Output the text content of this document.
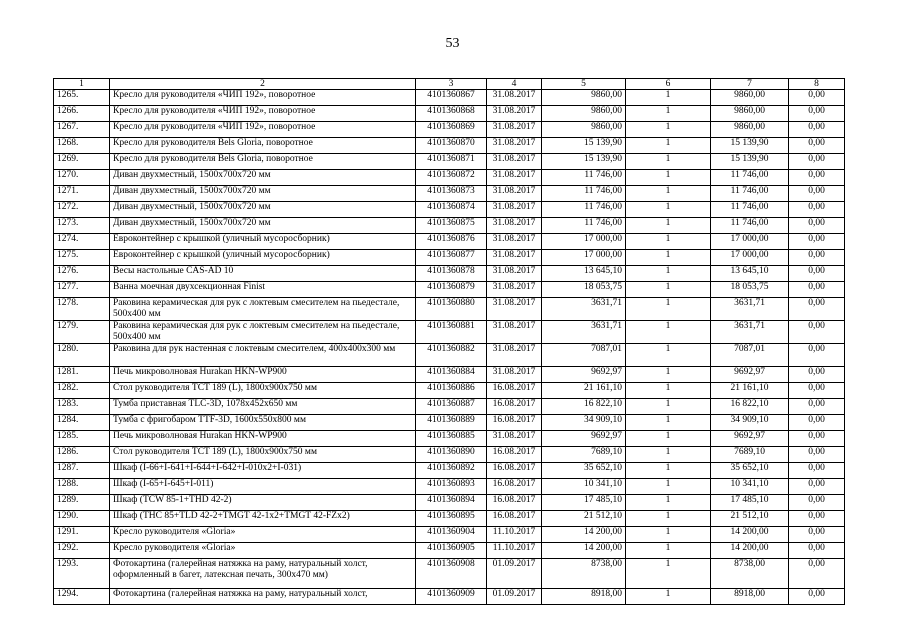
53
1	2	3	4	5	6	7	8
1265.	Кресло для руководителя «ЧИП 192», поворотное	4101360867	31.08.2017	9860,00	1	9860,00	0,00
1266.	Кресло для руководителя «ЧИП 192», поворотное	4101360868	31.08.2017	9860,00	1	9860,00	0,00
1267.	Кресло для руководителя «ЧИП 192», поворотное	4101360869	31.08.2017	9860,00	1	9860,00	0,00
1268.	Кресло для руководителя Bels Gloria, поворотное	4101360870	31.08.2017	15 139,90	1	15 139,90	0,00
1269.	Кресло для руководителя Bels Gloria, поворотное	4101360871	31.08.2017	15 139,90	1	15 139,90	0,00
1270.	Диван двухместный, 1500x700x720 мм	4101360872	31.08.2017	11 746,00	1	11 746,00	0,00
1271.	Диван двухместный, 1500x700x720 мм	4101360873	31.08.2017	11 746,00	1	11 746,00	0,00
1272.	Диван двухместный, 1500x700x720 мм	4101360874	31.08.2017	11 746,00	1	11 746,00	0,00
1273.	Диван двухместный, 1500x700x720 мм	4101360875	31.08.2017	11 746,00	1	11 746,00	0,00
1274.	Евроконтейнер с крышкой (уличный мусоросборник)	4101360876	31.08.2017	17 000,00	1	17 000,00	0,00
1275.	Евроконтейнер с крышкой (уличный мусоросборник)	4101360877	31.08.2017	17 000,00	1	17 000,00	0,00
1276.	Весы настольные CAS-AD 10	4101360878	31.08.2017	13 645,10	1	13 645,10	0,00
1277.	Ванна моечная двухсекционная Finist	4101360879	31.08.2017	18 053,75	1	18 053,75	0,00
1278.	Раковина керамическая для рук с локтевым смесителем на пьедестале, 500x400 мм	4101360880	31.08.2017	3631,71	1	3631,71	0,00
1279.	Раковина керамическая для рук с локтевым смесителем на пьедестале, 500x400 мм	4101360881	31.08.2017	3631,71	1	3631,71	0,00
1280.	Раковина для рук настенная с локтевым смесителем, 400x400x300 мм	4101360882	31.08.2017	7087,01	1	7087,01	0,00
1281.	Печь микроволновая Hurakan HKN-WP900	4101360884	31.08.2017	9692,97	1	9692,97	0,00
1282.	Стол руководителя TCT 189 (L), 1800x900x750 мм	4101360886	16.08.2017	21 161,10	1	21 161,10	0,00
1283.	Тумба приставная TLC-3D, 1078x452x650 мм	4101360887	16.08.2017	16 822,10	1	16 822,10	0,00
1284.	Тумба с фригобаром TTF-3D, 1600x550x800 мм	4101360889	16.08.2017	34 909,10	1	34 909,10	0,00
1285.	Печь микроволновая Hurakan HKN-WP900	4101360885	31.08.2017	9692,97	1	9692,97	0,00
1286.	Стол руководителя TCT 189 (L), 1800x900x750 мм	4101360890	16.08.2017	7689,10	1	7689,10	0,00
1287.	Шкаф (I-66+I-641+I-644+I-642+I-010x2+I-031)	4101360892	16.08.2017	35 652,10	1	35 652,10	0,00
1288.	Шкаф (I-65+I-645+I-011)	4101360893	16.08.2017	10 341,10	1	10 341,10	0,00
1289.	Шкаф (TCW 85-1+THD 42-2)	4101360894	16.08.2017	17 485,10	1	17 485,10	0,00
1290.	Шкаф (THC 85+TLD 42-2+TMGT 42-1x2+TMGT 42-FZx2)	4101360895	16.08.2017	21 512,10	1	21 512,10	0,00
1291.	Кресло руководителя «Gloria»	4101360904	11.10.2017	14 200,00	1	14 200,00	0,00
1292.	Кресло руководителя «Gloria»	4101360905	11.10.2017	14 200,00	1	14 200,00	0,00
1293.	Фотокартина (галерейная натяжка на раму, натуральный холст, оформленный в багет, латексная печать, 300x470 мм)	4101360908	01.09.2017	8738,00	1	8738,00	0,00
1294.	Фотокартина (галерейная натяжка на раму, натуральный холст,	4101360909	01.09.2017	8918,00	1	8918,00	0,00
